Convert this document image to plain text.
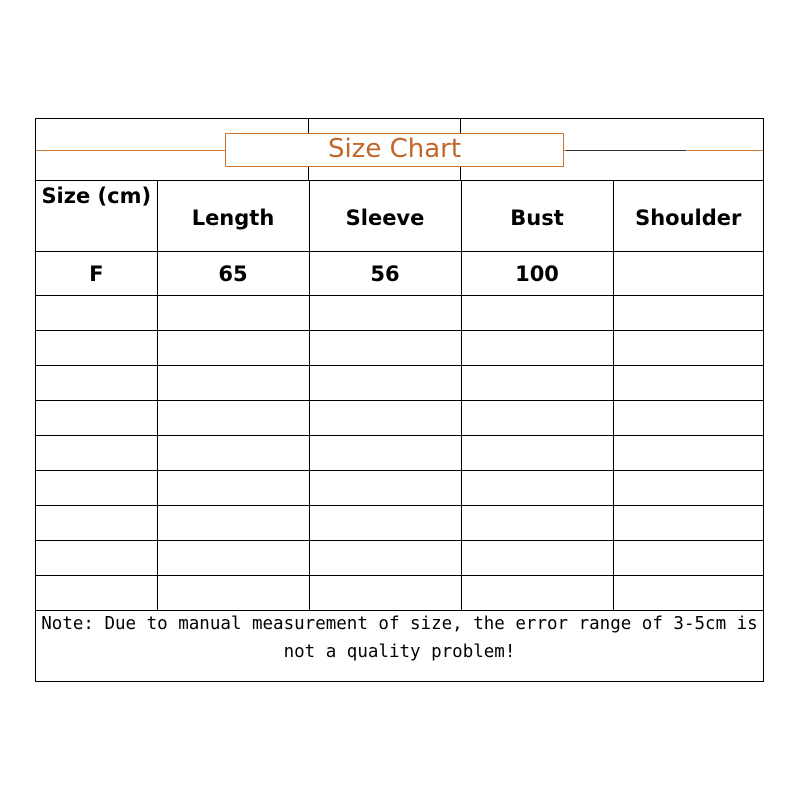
Size Chart
Size (cm)	Length	Sleeve	Bust	Shoulder
F	65	56	100	

Note: Due to manual measurement of size, the error range of 3-5cm is not a quality problem!
